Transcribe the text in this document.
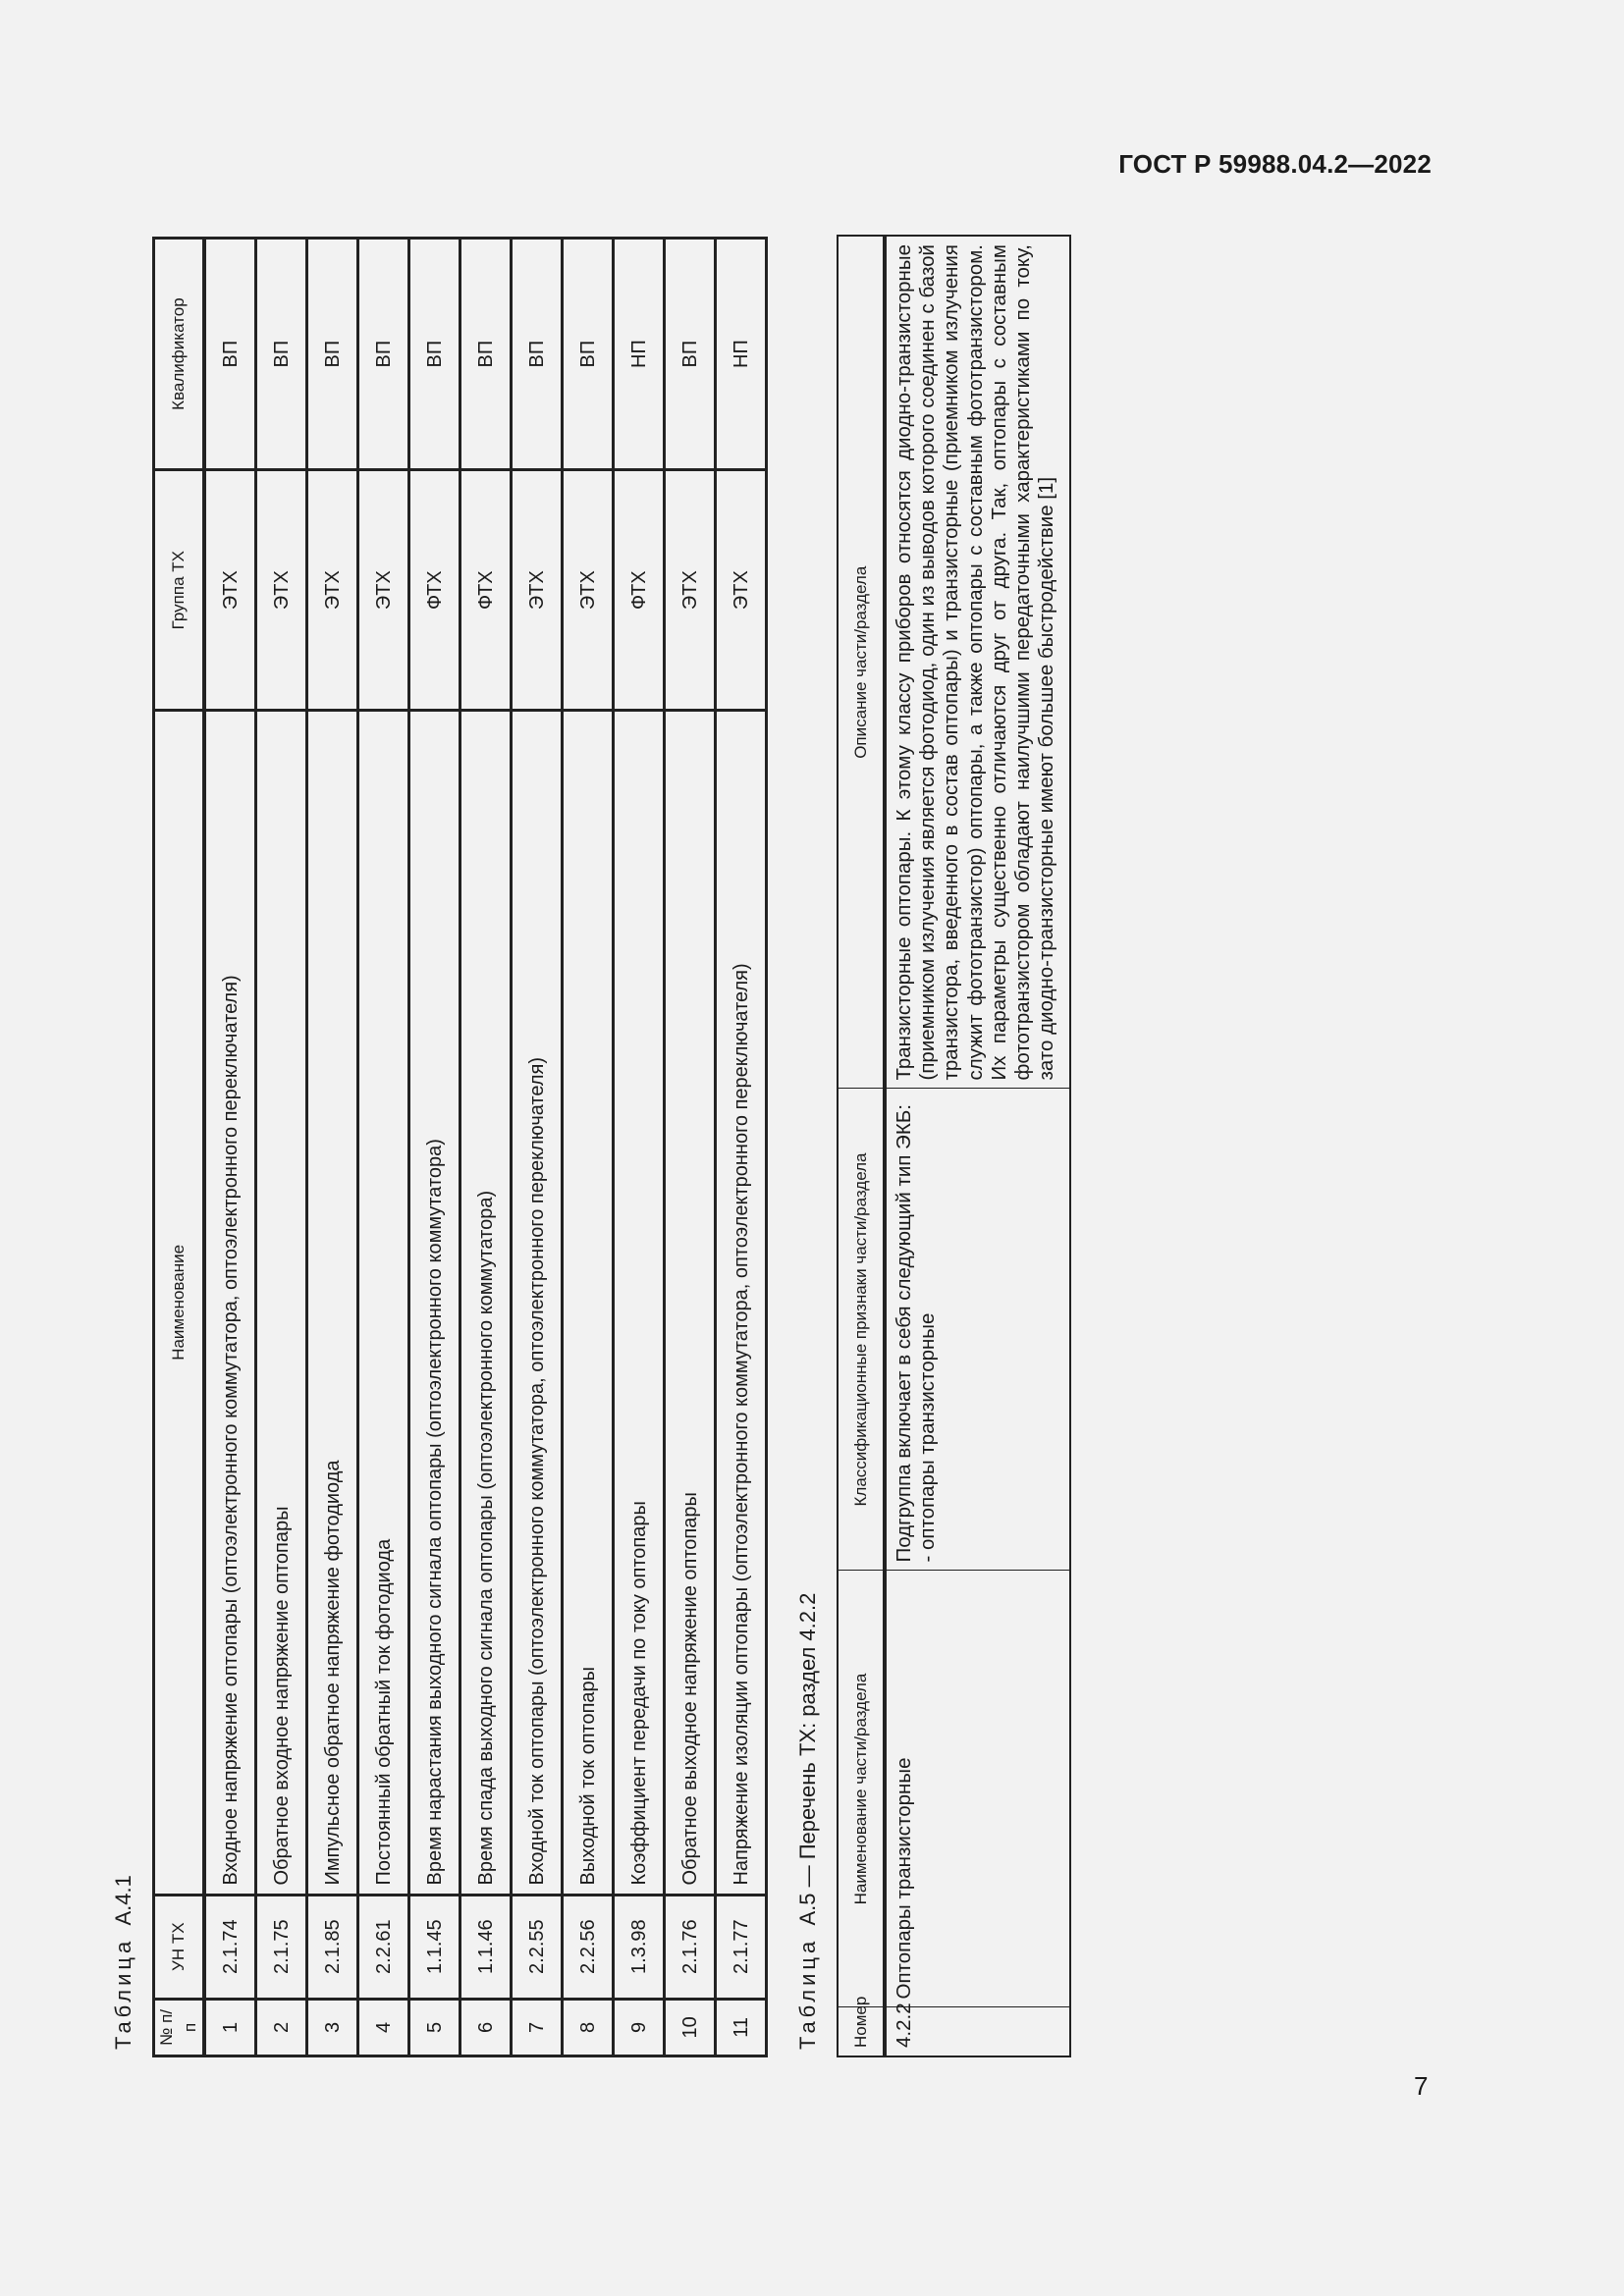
ГОСТ Р 59988.04.2—2022
Таблица  А.4.1
№ п/п	УН ТХ	Наименование	Группа ТХ	Квалификатор
1	2.1.74	Входное напряжение оптопары (оптоэлектронного коммутатора, оптоэлектронного переключателя)	ЭТХ	ВП
2	2.1.75	Обратное входное напряжение оптопары	ЭТХ	ВП
3	2.1.85	Импульсное обратное напряжение фотодиода	ЭТХ	ВП
4	2.2.61	Постоянный обратный ток фотодиода	ЭТХ	ВП
5	1.1.45	Время нарастания выходного сигнала оптопары (оптоэлектронного коммутатора)	ФТХ	ВП
6	1.1.46	Время спада выходного сигнала оптопары (оптоэлектронного коммутатора)	ФТХ	ВП
7	2.2.55	Входной ток оптопары (оптоэлектронного коммутатора, оптоэлектронного переключателя)	ЭТХ	ВП
8	2.2.56	Выходной ток оптопары	ЭТХ	ВП
9	1.3.98	Коэффициент передачи по току оптопары	ФТХ	НП
10	2.1.76	Обратное выходное напряжение оптопары	ЭТХ	ВП
11	2.1.77	Напряжение изоляции оптопары (оптоэлектронного коммутатора, оптоэлектронного переключателя)	ЭТХ	НП
Таблица  А.5 — Перечень ТХ: раздел 4.2.2
Номер	Наименование части/раздела	Классификационные признаки части/раздела	Описание части/раздела
4.2.2	Оптопары транзисторные	Подгруппа включает в себя следующий тип ЭКБ: - оптопары транзисторные	Транзисторные оптопары. К этому классу приборов относятся диодно-транзисторные (приемником излучения является фотодиод, один из выводов которого соединен с базой транзистора, введенного в состав оптопары) и транзисторные (приемником излучения служит фототранзистор) оптопары, а также оптопары с составным фототранзистором. Их параметры существенно отличаются друг от друга. Так, оптопары с составным фототранзистором обладают наилучшими передаточными характеристиками по току, зато диодно-транзисторные имеют большее быстродействие [1]
7
